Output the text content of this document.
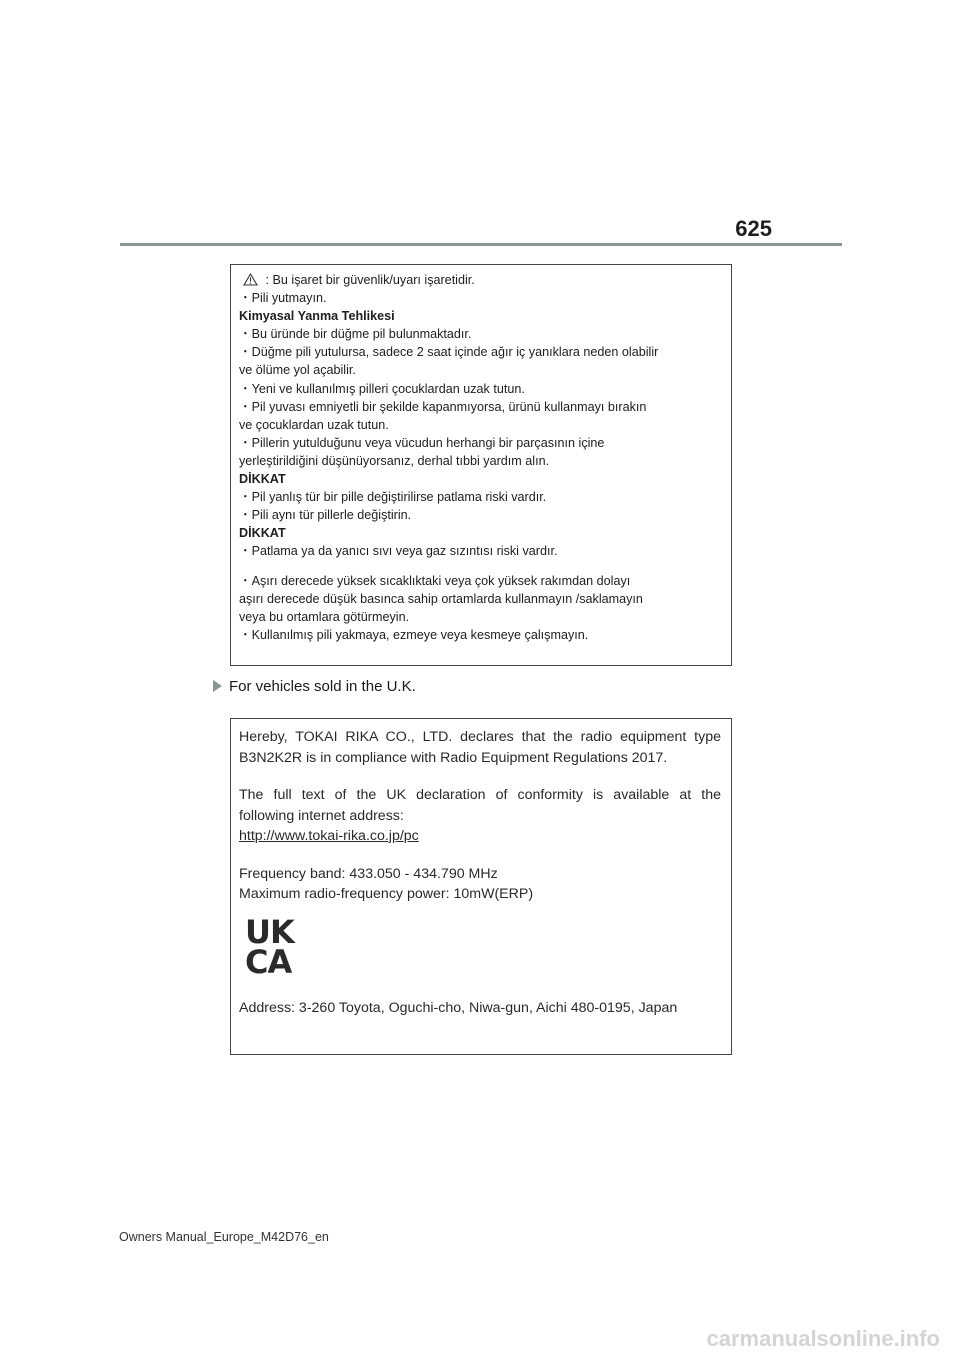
625
: Bu işaret bir güvenlik/uyarı işaretidir.
・Pili yutmayın.
Kimyasal Yanma Tehlikesi
・Bu üründe bir düğme pil bulunmaktadır.
・Düğme pili yutulursa, sadece 2 saat içinde ağır iç yanıklara neden olabilir
ve ölüme yol açabilir.
・Yeni ve kullanılmış pilleri çocuklardan uzak tutun.
・Pil yuvası emniyetli bir şekilde kapanmıyorsa, ürünü kullanmayı bırakın
ve çocuklardan uzak tutun.
・Pillerin yutulduğunu veya vücudun herhangi bir parçasının içine
yerleştirildiğini düşünüyorsanız, derhal tıbbi yardım alın.
DİKKAT
・Pil yanlış tür bir pille değiştirilirse patlama riski vardır.
・Pili aynı tür pillerle değiştirin.
DİKKAT
・Patlama ya da yanıcı sıvı veya gaz sızıntısı riski vardır.
・Aşırı derecede yüksek sıcaklıktaki veya çok yüksek rakımdan dolayı
aşırı derecede düşük basınca sahip ortamlarda kullanmayın /saklamayın
veya bu ortamlara götürmeyin.
・Kullanılmış pili yakmaya, ezmeye veya kesmeye çalışmayın.
For vehicles sold in the U.K.
Hereby, TOKAI RIKA CO., LTD. declares that the radio equipment type
B3N2K2R is in compliance with Radio Equipment Regulations 2017.
The full text of the UK declaration of conformity is available at the
following internet address:
http://www.tokai-rika.co.jp/pc
Frequency band: 433.050 - 434.790 MHz
Maximum radio-frequency power: 10mW(ERP)
UK
CA
Address: 3-260 Toyota, Oguchi-cho, Niwa-gun, Aichi 480-0195, Japan
Owners Manual_Europe_M42D76_en
carmanualsonline.info
